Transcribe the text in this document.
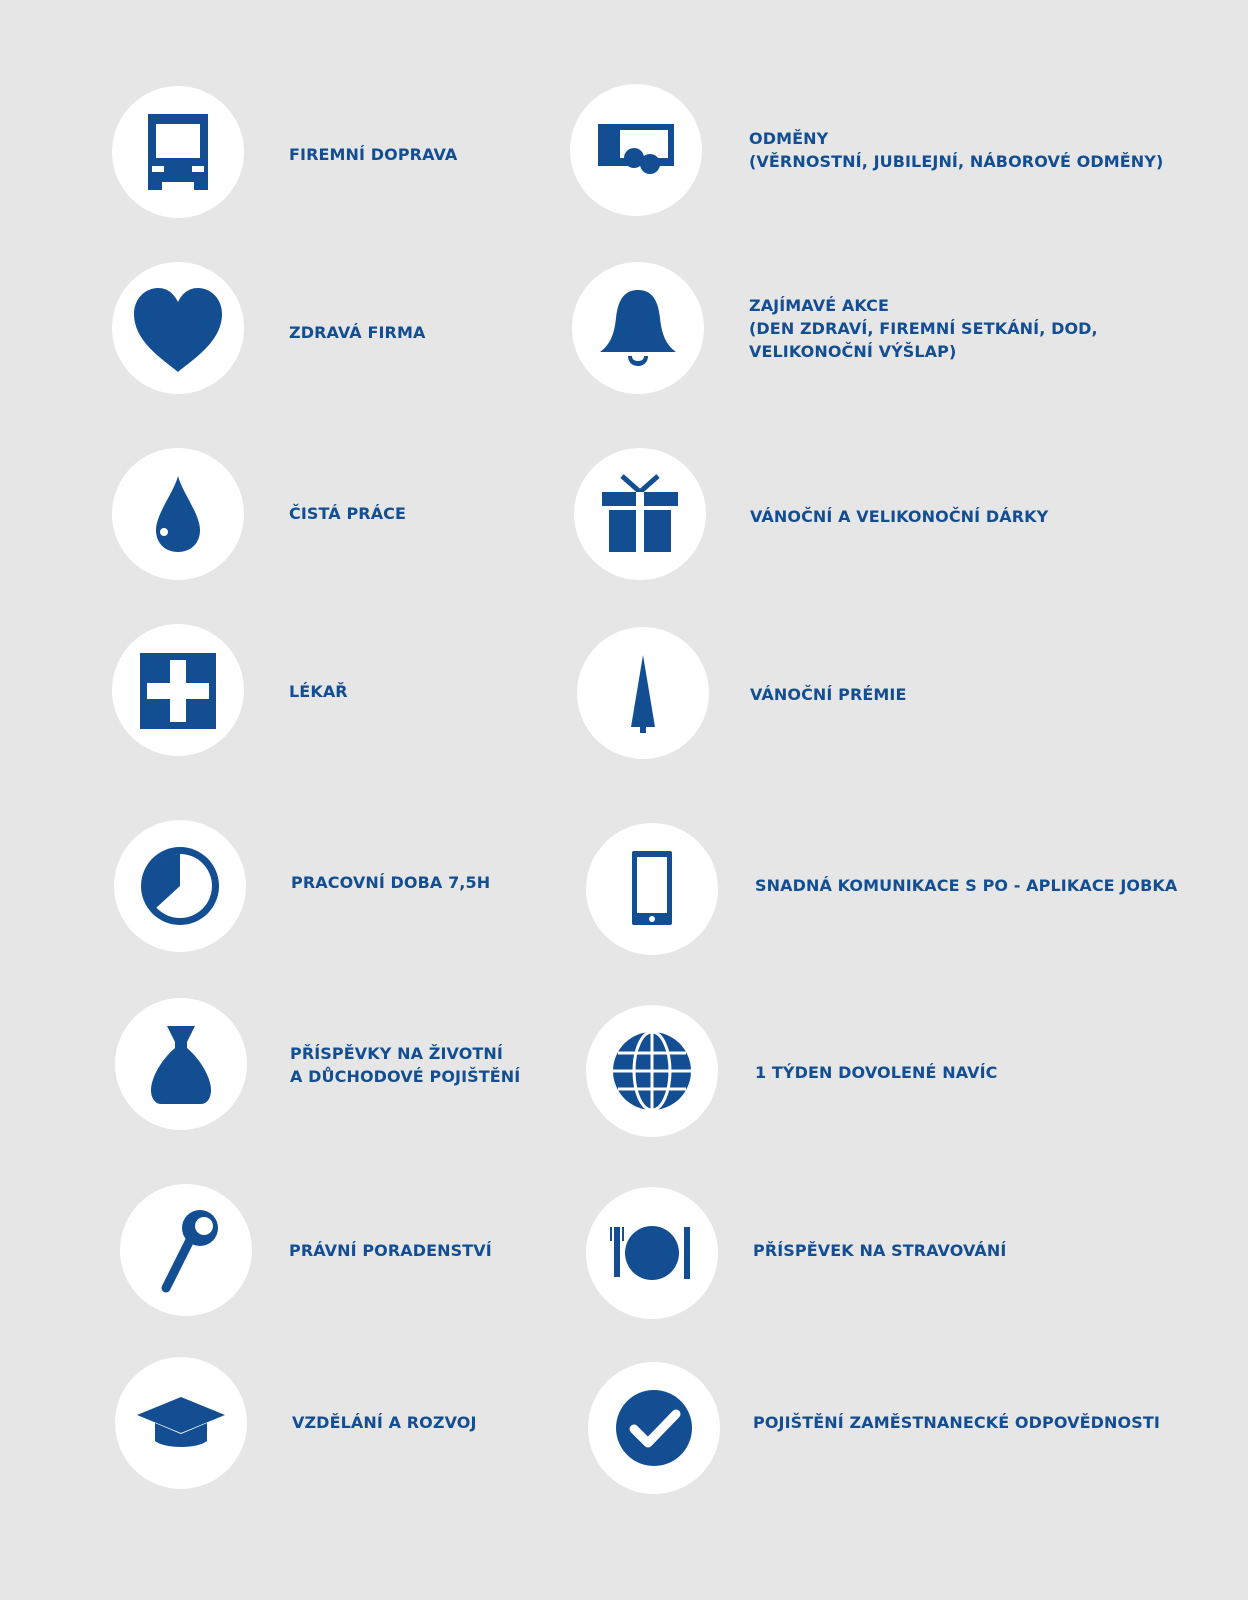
FIREMNÍ DOPRAVA
ZDRAVÁ FIRMA
ČISTÁ PRÁCE
LÉKAŘ
PRACOVNÍ DOBA 7,5H
PŘÍSPĚVKY NA ŽIVOTNÍ
A DŮCHODOVÉ POJIŠTĚNÍ
PRÁVNÍ PORADENSTVÍ
VZDĚLÁNÍ A ROZVOJ
ODMĚNY
(VĚRNOSTNÍ, JUBILEJNÍ, NÁBOROVÉ ODMĚNY)
ZAJÍMAVÉ AKCE
(DEN ZDRAVÍ, FIREMNÍ SETKÁNÍ, DOD,
VELIKONOČNÍ VÝŠLAP)
VÁNOČNÍ A VELIKONOČNÍ DÁRKY
VÁNOČNÍ PRÉMIE
SNADNÁ KOMUNIKACE S PO - APLIKACE JOBKA
1 TÝDEN DOVOLENÉ NAVÍC
PŘÍSPĚVEK NA STRAVOVÁNÍ
POJIŠTĚNÍ ZAMĚSTNANECKÉ ODPOVĚDNOSTI
